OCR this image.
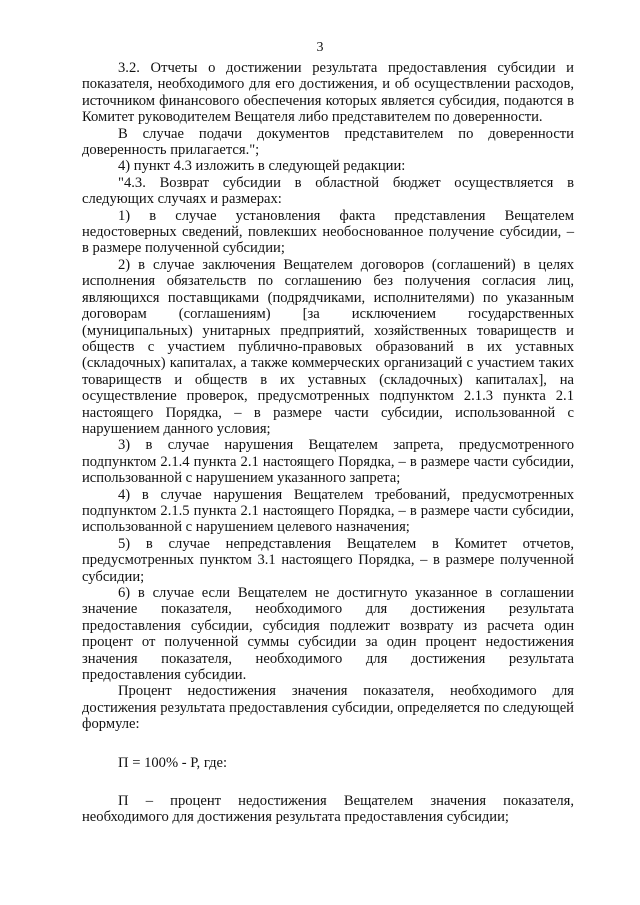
3

3.2. Отчеты о достижении результата предоставления субсидии и показателя, необходимого для его достижения, и об осуществлении расходов, источником финансового обеспечения которых является субсидия, подаются в Комитет руководителем Вещателя либо представителем по доверенности.

В случае подачи документов представителем по доверенности доверенность прилагается.";

4) пункт 4.3 изложить в следующей редакции:

"4.3. Возврат субсидии в областной бюджет осуществляется в следующих случаях и размерах:

1) в случае установления факта представления Вещателем недостоверных сведений, повлекших необоснованное получение субсидии, – в размере полученной субсидии;

2) в случае заключения Вещателем договоров (соглашений) в целях исполнения обязательств по соглашению без получения согласия лиц, являющихся поставщиками (подрядчиками, исполнителями) по указанным договорам (соглашениям) [за исключением государственных (муниципальных) унитарных предприятий, хозяйственных товариществ и обществ с участием публично-правовых образований в их уставных (складочных) капиталах, а также коммерческих организаций с участием таких товариществ и обществ в их уставных (складочных) капиталах], на осуществление проверок, предусмотренных подпунктом 2.1.3 пункта 2.1 настоящего Порядка, – в размере части субсидии, использованной с нарушением данного условия;

3) в случае нарушения Вещателем запрета, предусмотренного подпунктом 2.1.4 пункта 2.1 настоящего Порядка, – в размере части субсидии, использованной с нарушением указанного запрета;

4) в случае нарушения Вещателем требований, предусмотренных подпунктом 2.1.5 пункта 2.1 настоящего Порядка, – в размере части субсидии, использованной с нарушением целевого назначения;

5) в случае непредставления Вещателем в Комитет отчетов, предусмотренных пунктом 3.1 настоящего Порядка, – в размере полученной субсидии;

6) в случае если Вещателем не достигнуто указанное в соглашении значение показателя, необходимого для достижения результата предоставления субсидии, субсидия подлежит возврату из расчета один процент от полученной суммы субсидии за один процент недостижения значения показателя, необходимого для достижения результата предоставления субсидии.

Процент недостижения значения показателя, необходимого для достижения результата предоставления субсидии, определяется по следующей формуле:

П = 100% - Р, где:

П – процент недостижения Вещателем значения показателя, необходимого для достижения результата предоставления субсидии;
